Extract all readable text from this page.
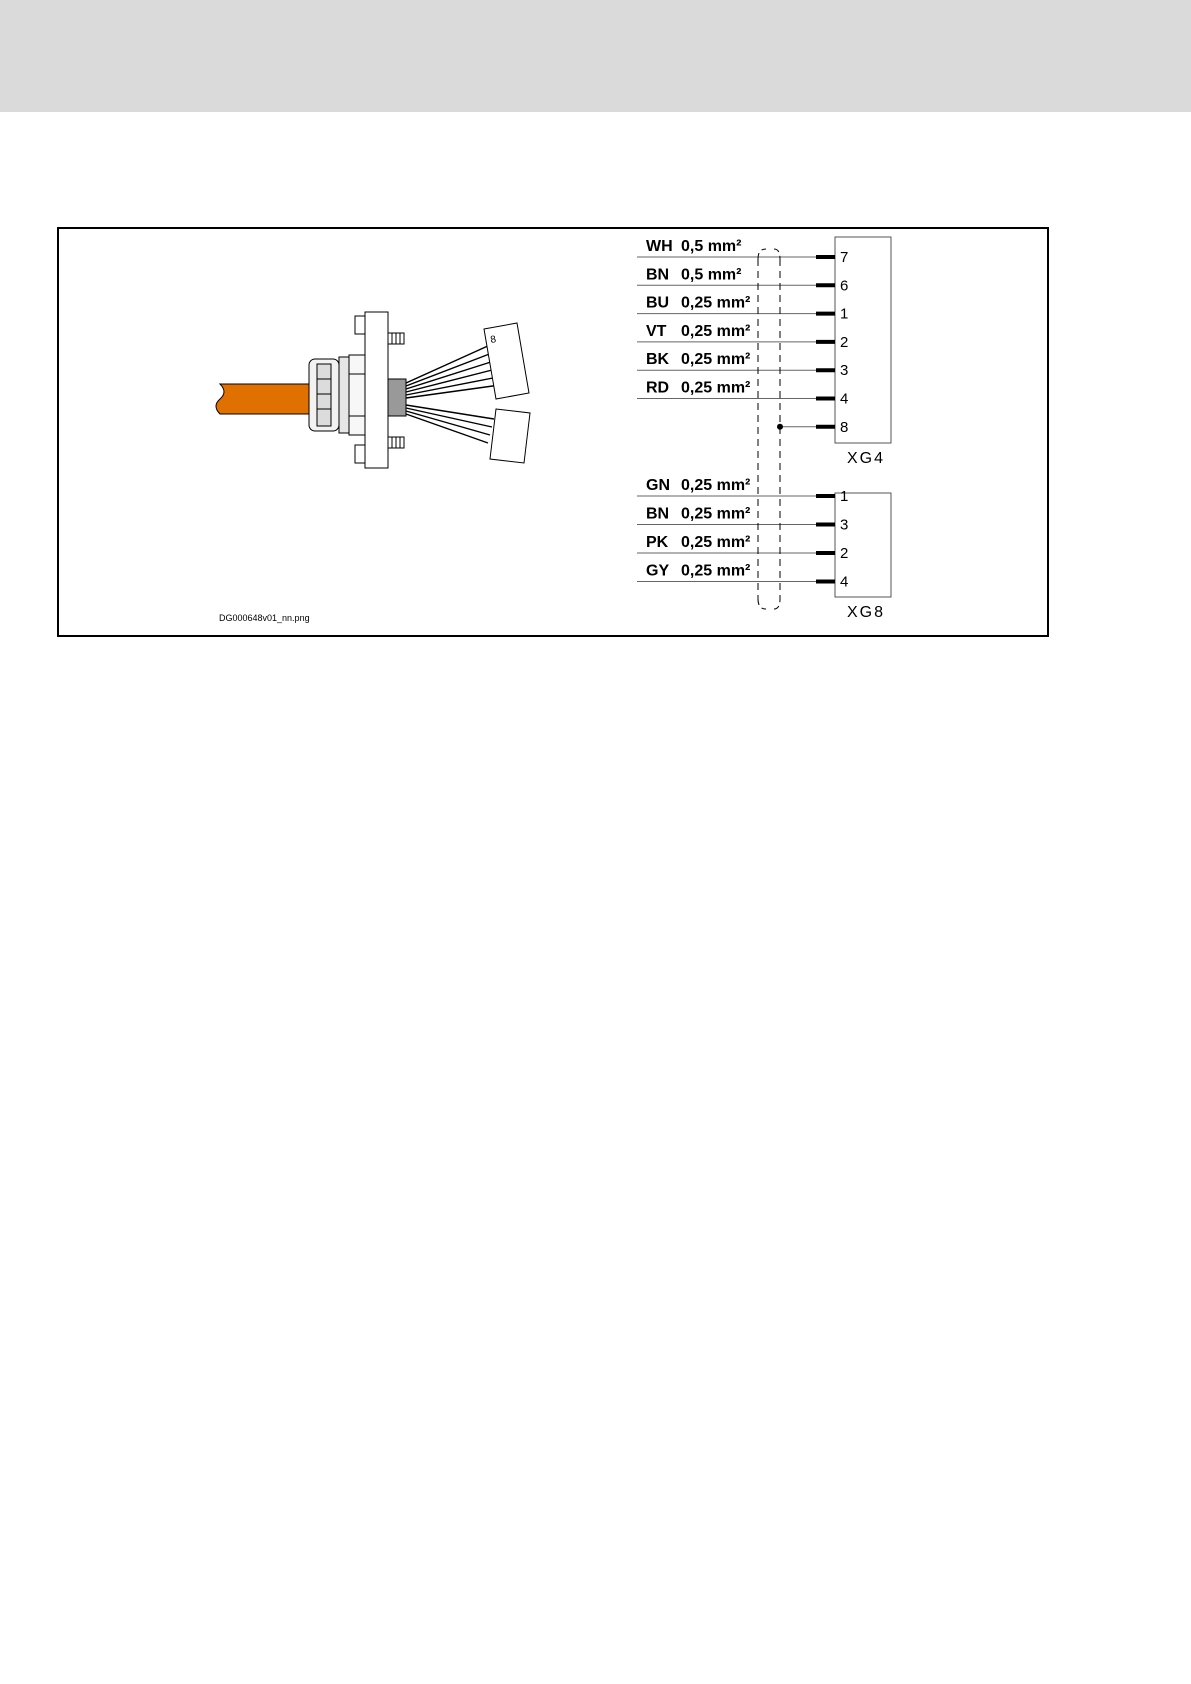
8
DG000648v01_nn.png
XG4
WH 0,5 mm²
7
BN 0,5 mm²
6
BU 0,25 mm²
1
VT 0,25 mm²
2
BK 0,25 mm²
3
RD 0,25 mm²
4
8
XG8
GN 0,25 mm²
1
BN 0,25 mm²
3
PK 0,25 mm²
2
GY 0,25 mm²
4
